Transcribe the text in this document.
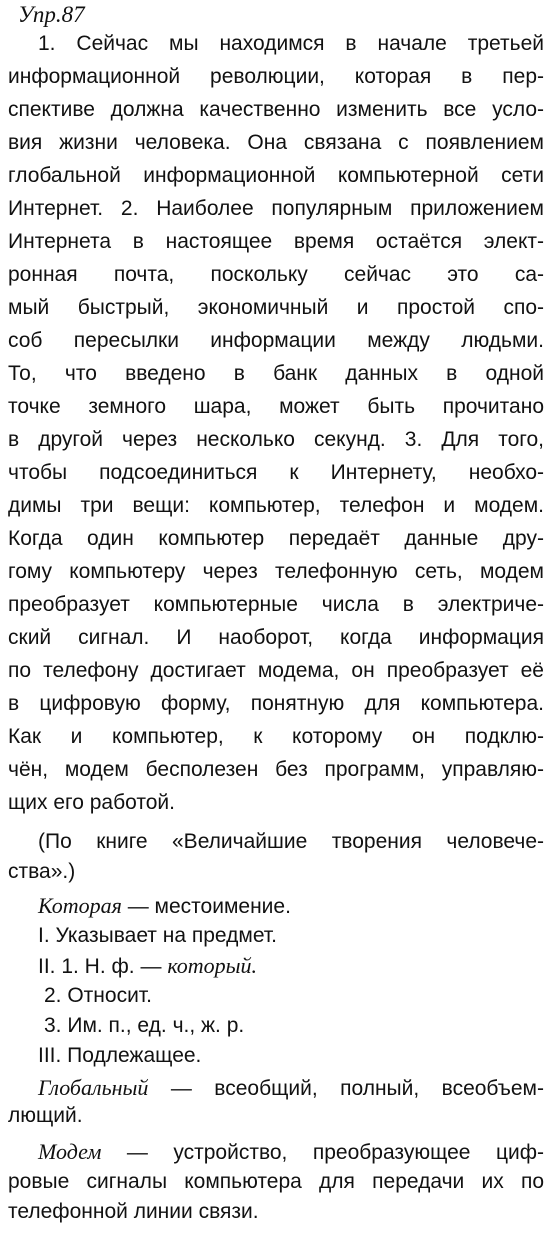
Упр.87

1. Сейчас мы находимся в начале третьей

информационной революции, которая в пер-

спективе должна качественно изменить все усло-

вия жизни человека. Она связана с появлением

глобальной информационной компьютерной сети

Интернет. 2. Наиболее популярным приложением

Интернета в настоящее время остаётся элект-

ронная почта, поскольку сейчас это са-

мый быстрый, экономичный и простой спо-

соб пересылки информации между людьми.

То, что введено в банк данных в одной

точке земного шара, может быть прочитано

в другой через несколько секунд. 3. Для того,

чтобы подсоединиться к Интернету, необхо-

димы три вещи: компьютер, телефон и модем.

Когда один компьютер передаёт данные дру-

гому компьютеру через телефонную сеть, модем

преобразует компьютерные числа в электриче-

ский сигнал. И наоборот, когда информация

по телефону достигает модема, он преобразует её

в цифровую форму, понятную для компьютера.

Как и компьютер, к которому он подклю-

чён, модем бесполезен без программ, управляю-

щих его работой.

(По книге «Величайшие творения человече-

ства».)

Которая — местоимение.

I. Указывает на предмет.

II. 1. Н. ф. — который.

2. Относит.

3. Им. п., ед. ч., ж. р.

III. Подлежащее.

Глобальный — всеобщий, полный, всеобъем-

лющий.

Модем — устройство, преобразующее циф-

ровые сигналы компьютера для передачи их по

телефонной линии связи.
